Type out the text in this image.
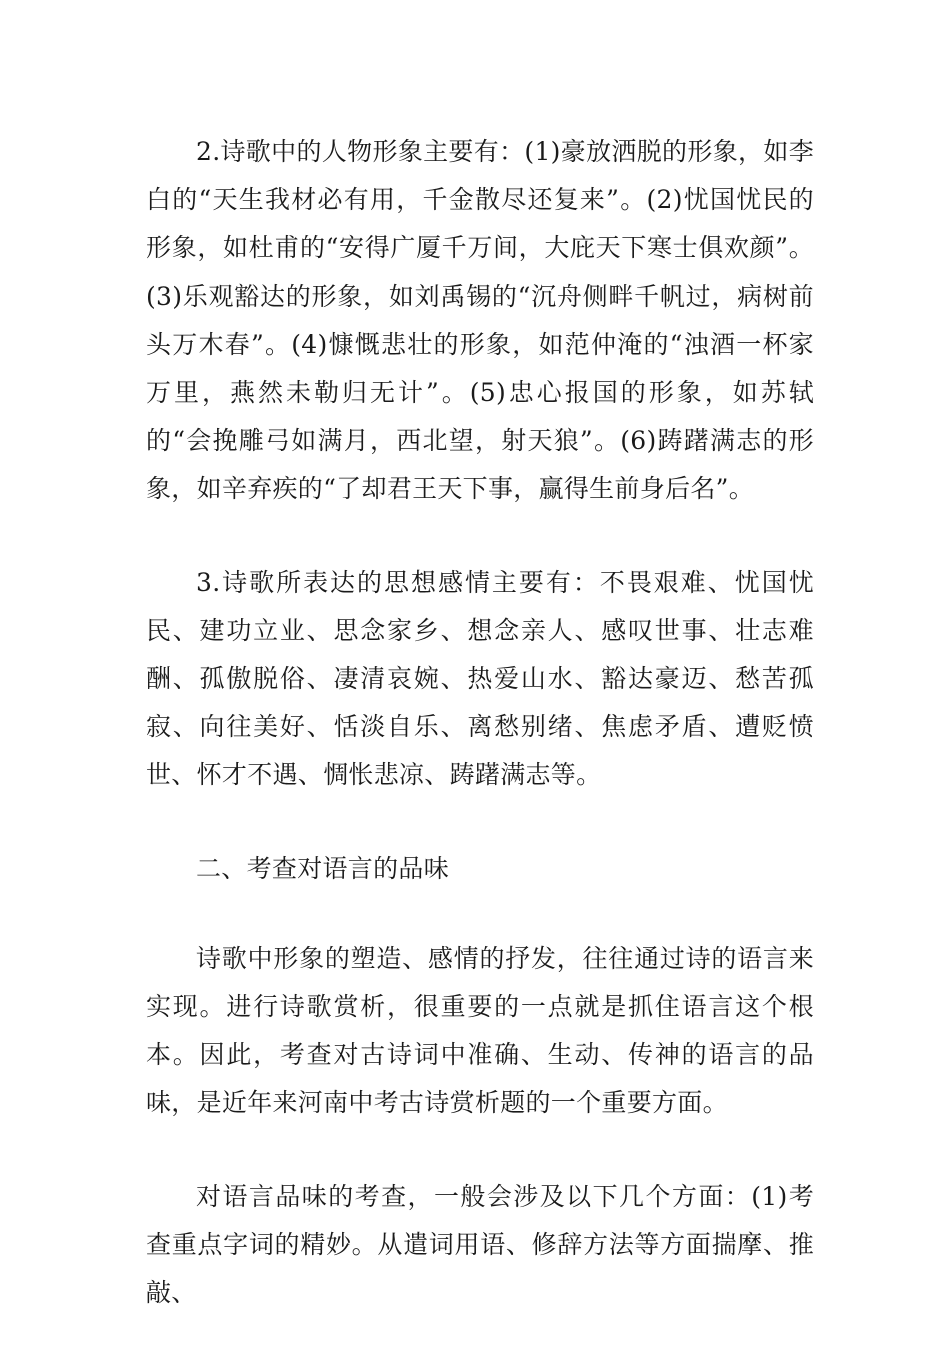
2.诗歌中的人物形象主要有：(1)豪放洒脱的形象，如李白的“天生我材必有用，千金散尽还复来”。(2)忧国忧民的形象，如杜甫的“安得广厦千万间，大庇天下寒士俱欢颜”。(3)乐观豁达的形象，如刘禹锡的“沉舟侧畔千帆过，病树前头万木春”。(4)慷慨悲壮的形象，如范仲淹的“浊酒一杯家万里，燕然未勒归无计”。(5)忠心报国的形象，如苏轼的“会挽雕弓如满月，西北望，射天狼”。(6)踌躇满志的形象，如辛弃疾的“了却君王天下事，赢得生前身后名”。

3.诗歌所表达的思想感情主要有：不畏艰难、忧国忧民、建功立业、思念家乡、想念亲人、感叹世事、壮志难酬、孤傲脱俗、凄清哀婉、热爱山水、豁达豪迈、愁苦孤寂、向往美好、恬淡自乐、离愁别绪、焦虑矛盾、遭贬愤世、怀才不遇、惆怅悲凉、踌躇满志等。

二、考查对语言的品味

诗歌中形象的塑造、感情的抒发，往往通过诗的语言来实现。进行诗歌赏析，很重要的一点就是抓住语言这个根本。因此，考查对古诗词中准确、生动、传神的语言的品味，是近年来河南中考古诗赏析题的一个重要方面。

对语言品味的考查，一般会涉及以下几个方面：(1)考查重点字词的精妙。从遣词用语、修辞方法等方面揣摩、推敲、
